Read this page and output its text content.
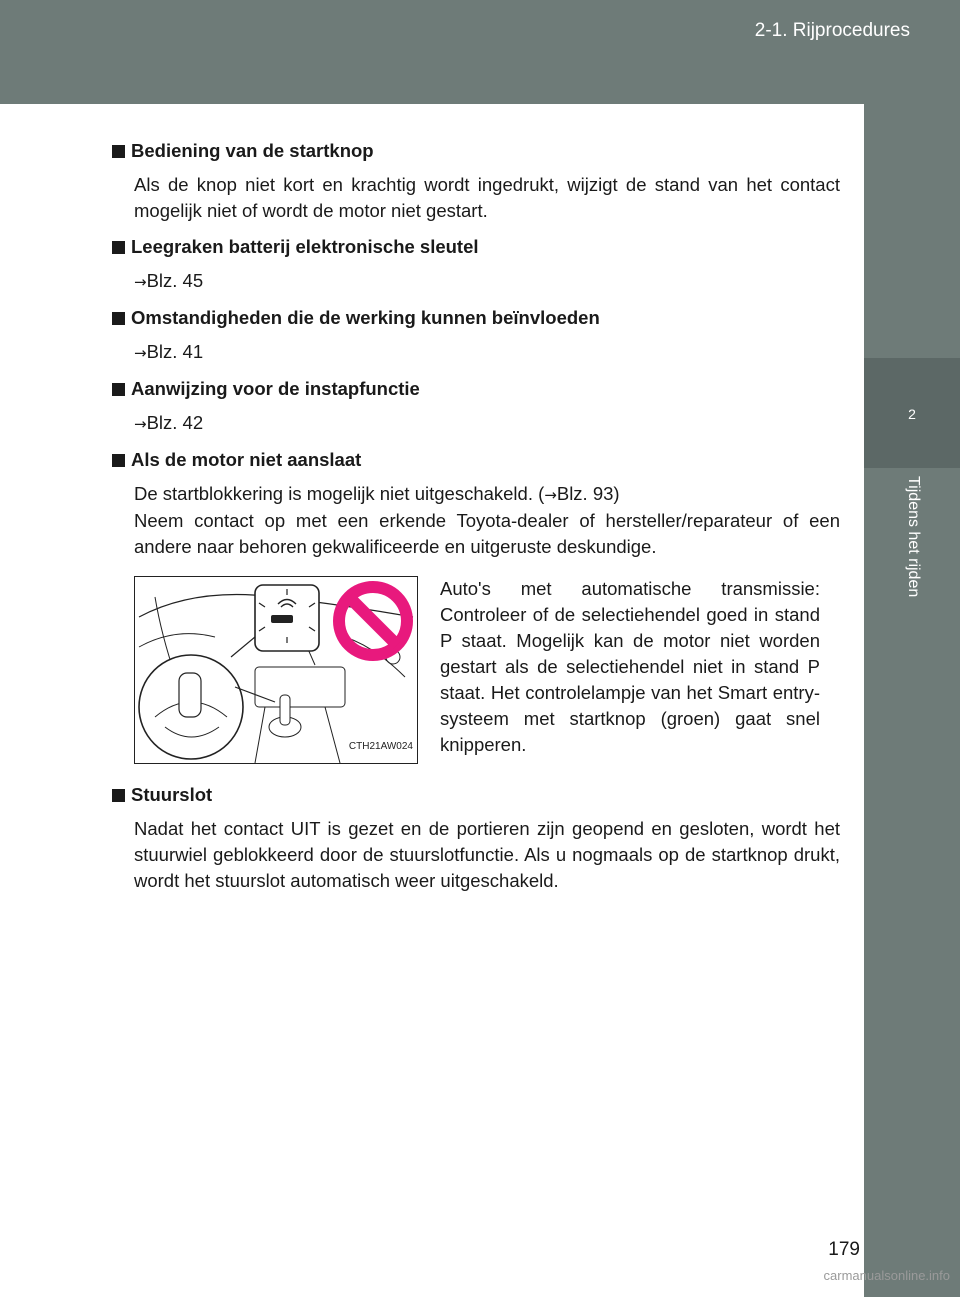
2-1. Rijprocedures
2
Tijdens het rijden
Bediening van de startknop
Als de knop niet kort en krachtig wordt ingedrukt, wijzigt de stand van het contact mogelijk niet of wordt de motor niet gestart.
Leegraken batterij elektronische sleutel
→Blz. 45
Omstandigheden die de werking kunnen beïnvloeden
→Blz. 41
Aanwijzing voor de instapfunctie
→Blz. 42
Als de motor niet aanslaat
De startblokkering is mogelijk niet uitgeschakeld. (→Blz. 93)
Neem contact op met een erkende Toyota-dealer of hersteller/reparateur of een andere naar behoren gekwalificeerde en uitgeruste deskundige.
CTH21AW024
Auto's met automatische transmissie: Controleer of de selectiehendel goed in stand P staat. Mogelijk kan de motor niet worden gestart als de selectiehendel niet in stand P staat. Het controlelampje van het Smart entry-systeem met startknop (groen) gaat snel knipperen.
Stuurslot
Nadat het contact UIT is gezet en de portieren zijn geopend en gesloten, wordt het stuurwiel geblokkeerd door de stuurslotfunctie. Als u nogmaals op de startknop drukt, wordt het stuurslot automatisch weer uitgeschakeld.
179
carmanualsonline.info
